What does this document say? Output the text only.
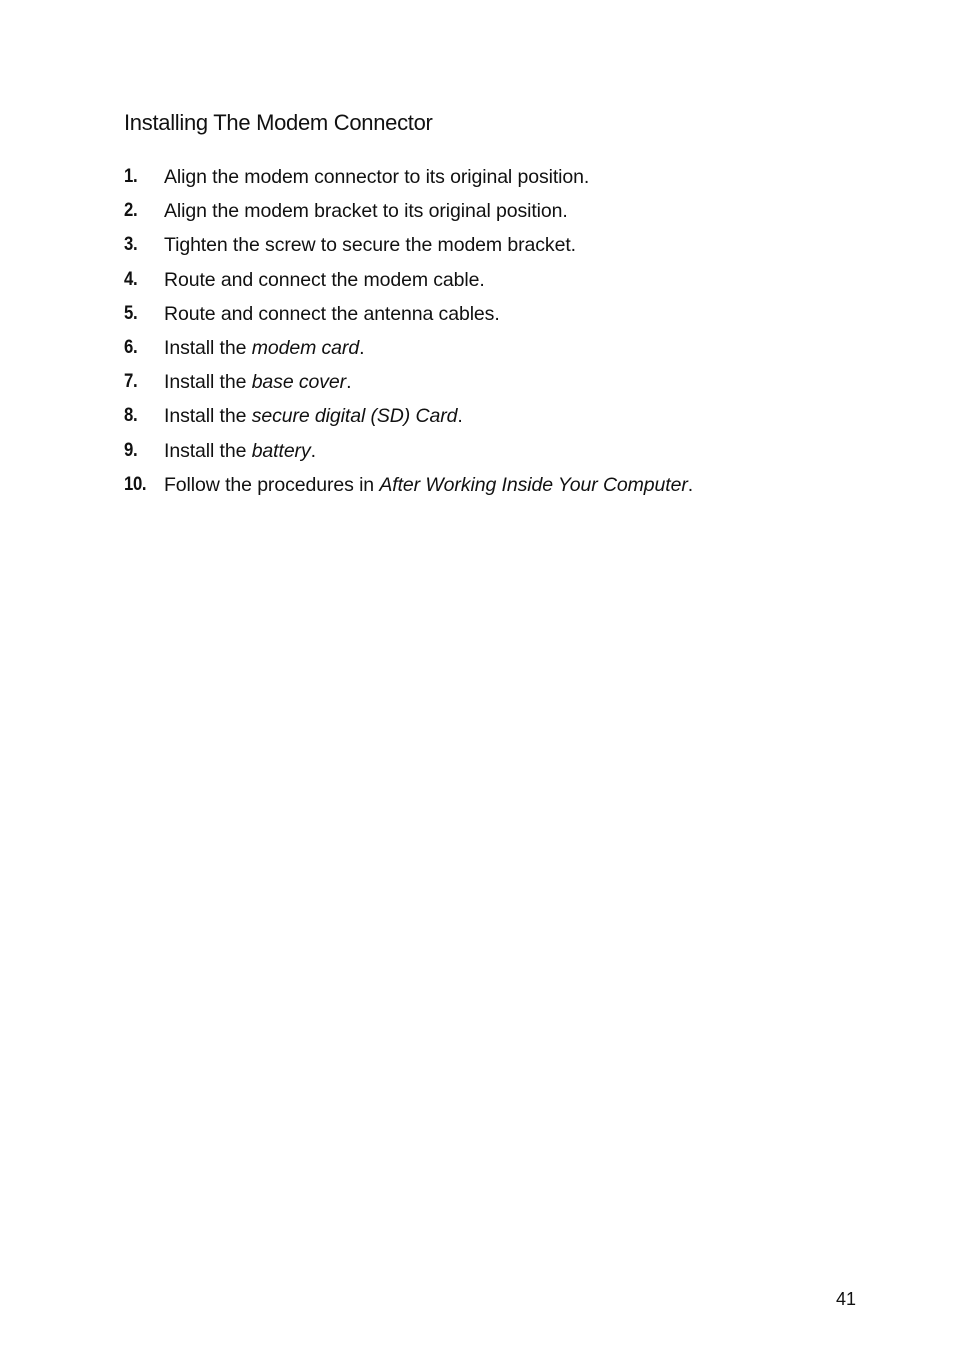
Installing The Modem Connector
1. Align the modem connector to its original position.
2. Align the modem bracket to its original position.
3. Tighten the screw to secure the modem bracket.
4. Route and connect the modem cable.
5. Route and connect the antenna cables.
6. Install the modem card.
7. Install the base cover.
8. Install the secure digital (SD) Card.
9. Install the battery.
10. Follow the procedures in After Working Inside Your Computer.
41
